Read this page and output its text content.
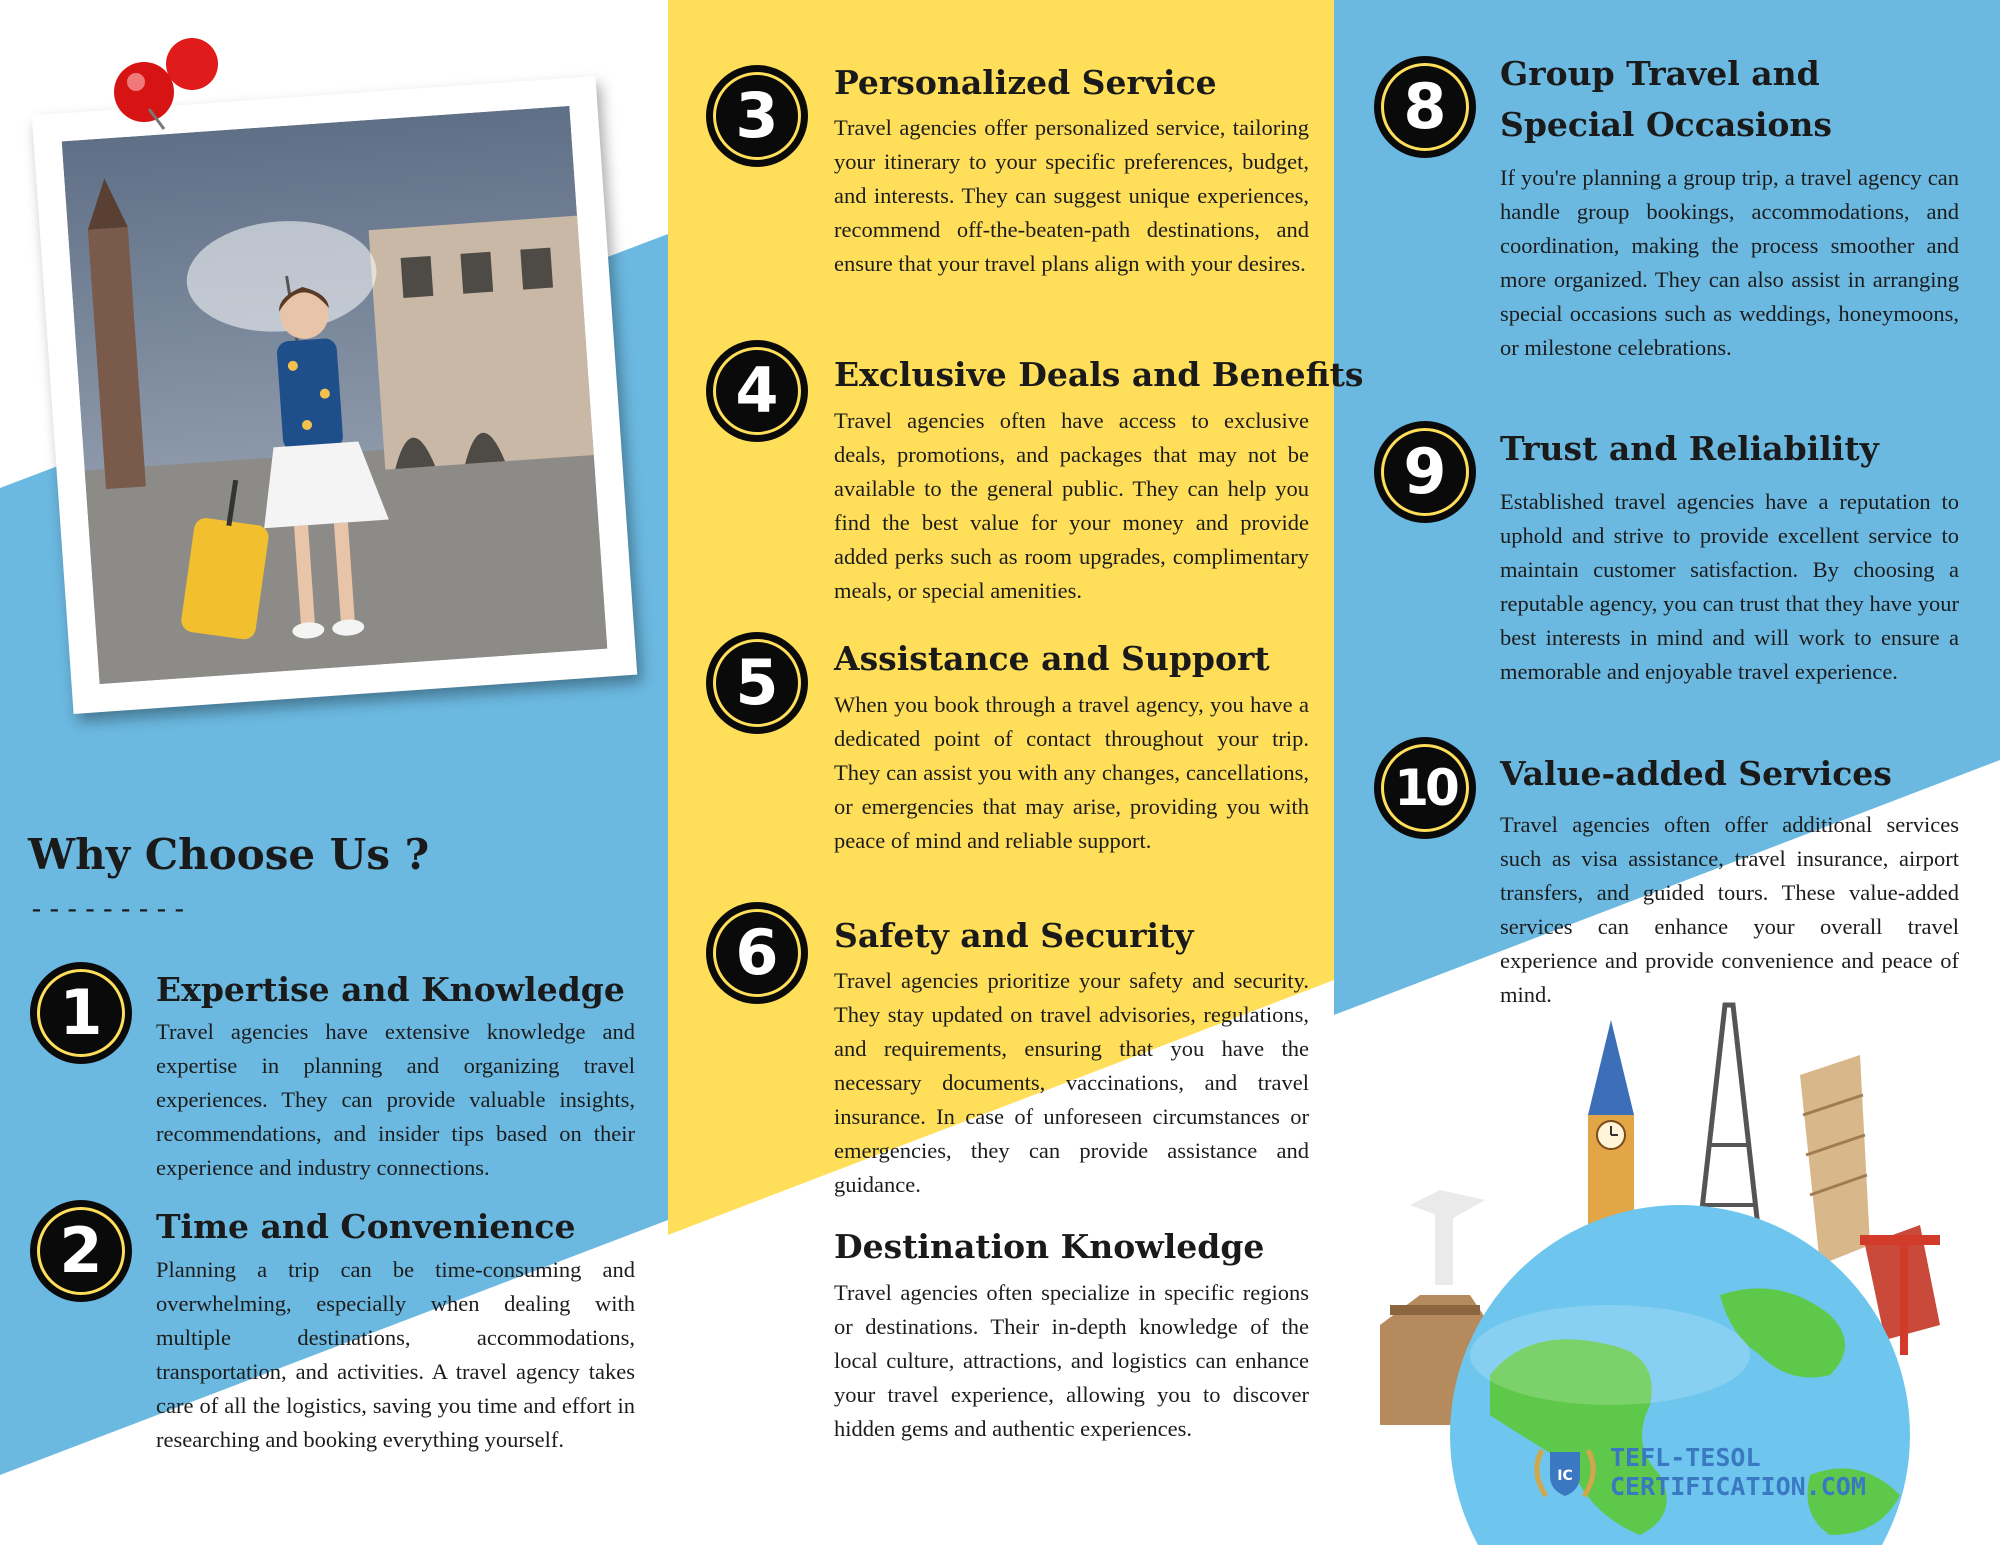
Why Choose Us ?
---------
1 Expertise and Knowledge

Travel agencies have extensive knowledge and expertise in planning and organizing travel experiences. They can provide valuable insights, recommendations, and insider tips based on their experience and industry connections.

2 Time and Convenience

Planning a trip can be time-consuming and overwhelming, especially when dealing with multiple destinations, accommodations, transportation, and activities. A travel agency takes care of all the logistics, saving you time and effort in researching and booking everything yourself.

3 Personalized Service

Travel agencies offer personalized service, tailoring your itinerary to your specific preferences, budget, and interests. They can suggest unique experiences, recommend off-the-beaten-path destinations, and ensure that your travel plans align with your desires.

4 Exclusive Deals and Benefits

Travel agencies often have access to exclusive deals, promotions, and packages that may not be available to the general public. They can help you find the best value for your money and provide added perks such as room upgrades, complimentary meals, or special amenities.

5 Assistance and Support

When you book through a travel agency, you have a dedicated point of contact throughout your trip. They can assist you with any changes, cancellations, or emergencies that may arise, providing you with peace of mind and reliable support.

6 Safety and Security

Travel agencies prioritize your safety and security. They stay updated on travel advisories, regulations, and requirements, ensuring that you have the necessary documents, vaccinations, and travel insurance. In case of unforeseen circumstances or emergencies, they can provide assistance and guidance.

Destination Knowledge

Travel agencies often specialize in specific regions or destinations. Their in-depth knowledge of the local culture, attractions, and logistics can enhance your travel experience, allowing you to discover hidden gems and authentic experiences.

8 Group Travel and
Special Occasions

If you're planning a group trip, a travel agency can handle group bookings, accommodations, and coordination, making the process smoother and more organized. They can also assist in arranging special occasions such as weddings, honeymoons, or milestone celebrations.

9 Trust and Reliability

Established travel agencies have a reputation to uphold and strive to provide excellent service to maintain customer satisfaction. By choosing a reputable agency, you can trust that they have your best interests in mind and will work to ensure a memorable and enjoyable travel experience.

10 Value-added Services

Travel agencies often offer additional services such as visa assistance, travel insurance, airport transfers, and guided tours. These value-added services can enhance your overall travel experience and provide convenience and peace of mind.

IC
TEFL-TESOL
CERTIFICATION.COM
